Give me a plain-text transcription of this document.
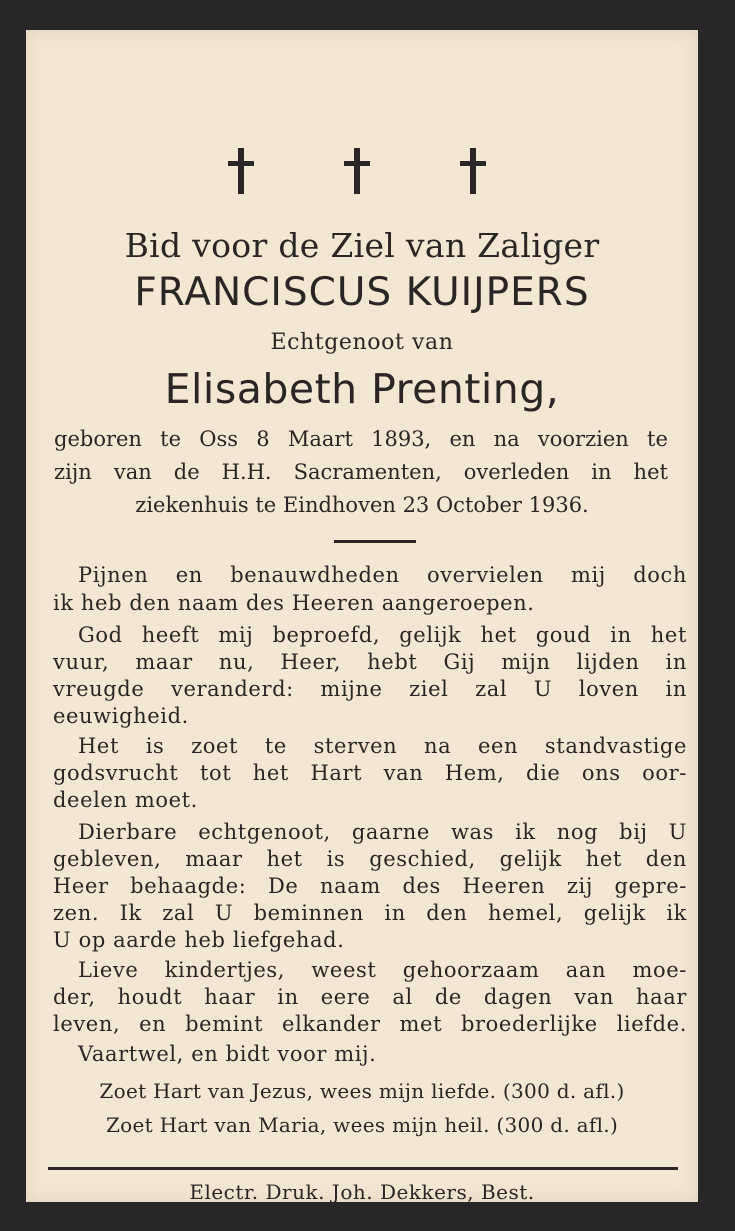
Bid voor de Ziel van Zaliger
FRANCISCUS KUIJPERS
Echtgenoot van
Elisabeth Prenting,
geboren te Oss 8 Maart 1893, en na voorzien te
zijn van de H.H. Sacramenten, overleden in het
ziekenhuis te Eindhoven 23 October 1936.
Pijnen en benauwdheden overvielen mij doch
ik heb den naam des Heeren aangeroepen.
God heeft mij beproefd, gelijk het goud in het
vuur, maar nu, Heer, hebt Gij mijn lijden in
vreugde veranderd: mijne ziel zal U loven in
eeuwigheid.
Het is zoet te sterven na een standvastige
godsvrucht tot het Hart van Hem, die ons oor-
deelen moet.
Dierbare echtgenoot, gaarne was ik nog bij U
gebleven, maar het is geschied, gelijk het den
Heer behaagde: De naam des Heeren zij gepre-
zen. Ik zal U beminnen in den hemel, gelijk ik
U op aarde heb liefgehad.
Lieve kindertjes, weest gehoorzaam aan moe-
der, houdt haar in eere al de dagen van haar
leven, en bemint elkander met broederlijke liefde.
Vaartwel, en bidt voor mij.
Zoet Hart van Jezus, wees mijn liefde. (300 d. afl.)
Zoet Hart van Maria, wees mijn heil. (300 d. afl.)
Electr. Druk. Joh. Dekkers, Best.
